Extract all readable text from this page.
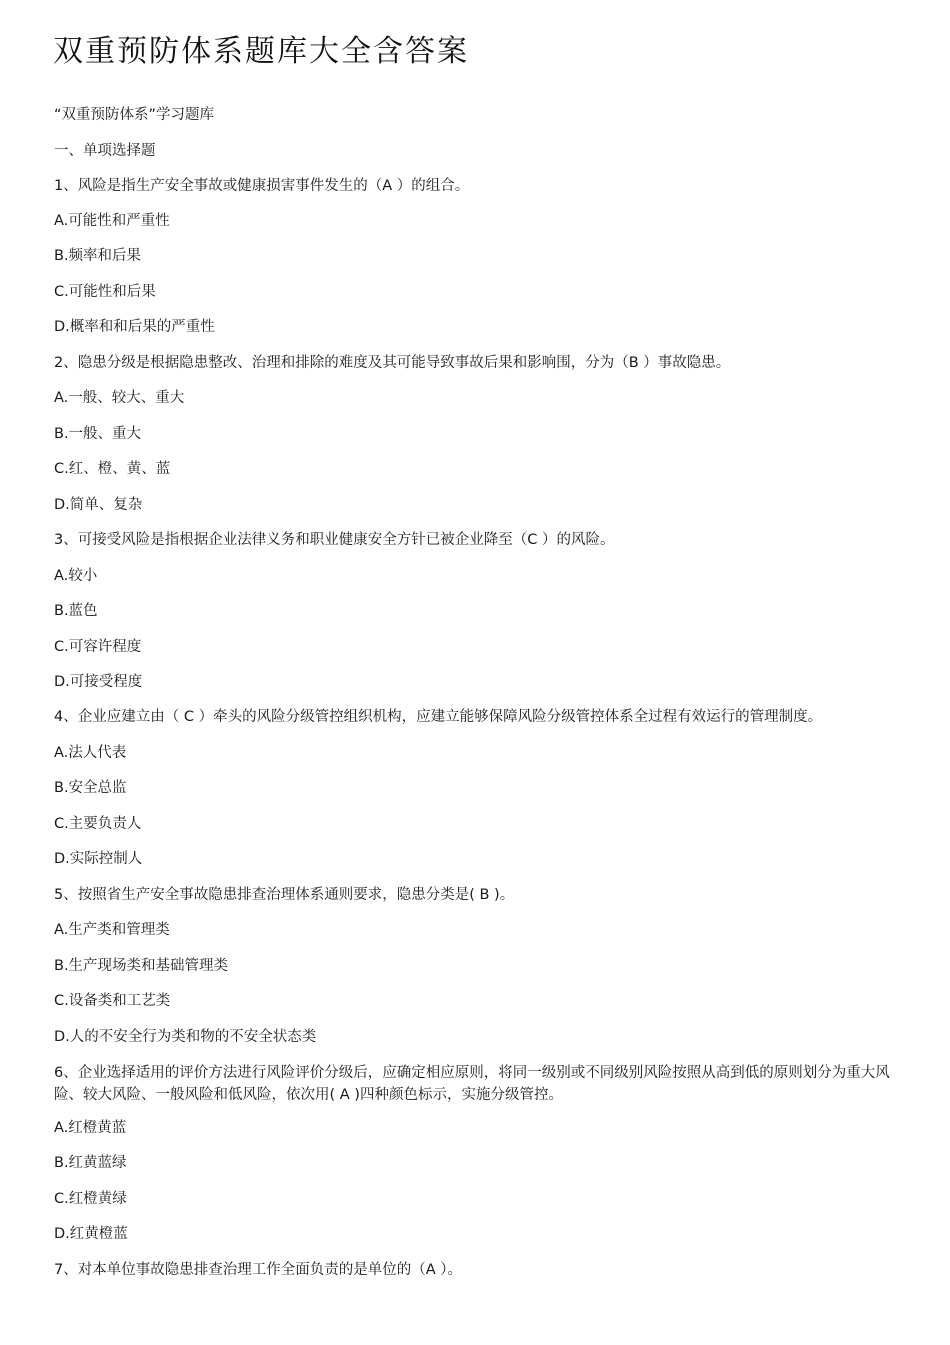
双重预防体系题库大全含答案
“双重预防体系”学习题库
一、单项选择题
1、风险是指生产安全事故或健康损害事件发生的（A ）的组合。
A.可能性和严重性
B.频率和后果
C.可能性和后果
D.概率和和后果的严重性
2、隐患分级是根据隐患整改、治理和排除的难度及其可能导致事故后果和影响围，分为（B ）事故隐患。
A.一般、较大、重大
B.一般、重大
C.红、橙、黄、蓝
D.简单、复杂
3、可接受风险是指根据企业法律义务和职业健康安全方针已被企业降至（C ）的风险。
A.较小
B.蓝色
C.可容许程度
D.可接受程度
4、企业应建立由（ C ）牵头的风险分级管控组织机构，应建立能够保障风险分级管控体系全过程有效运行的管理制度。
A.法人代表
B.安全总监
C.主要负责人
D.实际控制人
5、按照省生产安全事故隐患排查治理体系通则要求，隐患分类是( B )。
A.生产类和管理类
B.生产现场类和基础管理类
C.设备类和工艺类
D.人的不安全行为类和物的不安全状态类
6、企业选择适用的评价方法进行风险评价分级后，应确定相应原则，将同一级别或不同级别风险按照从高到低的原则划分为重大风险、较大风险、一般风险和低风险，依次用( A )四种颜色标示，实施分级管控。
A.红橙黄蓝
B.红黄蓝绿
C.红橙黄绿
D.红黄橙蓝
7、对本单位事故隐患排查治理工作全面负责的是单位的（A ）。
